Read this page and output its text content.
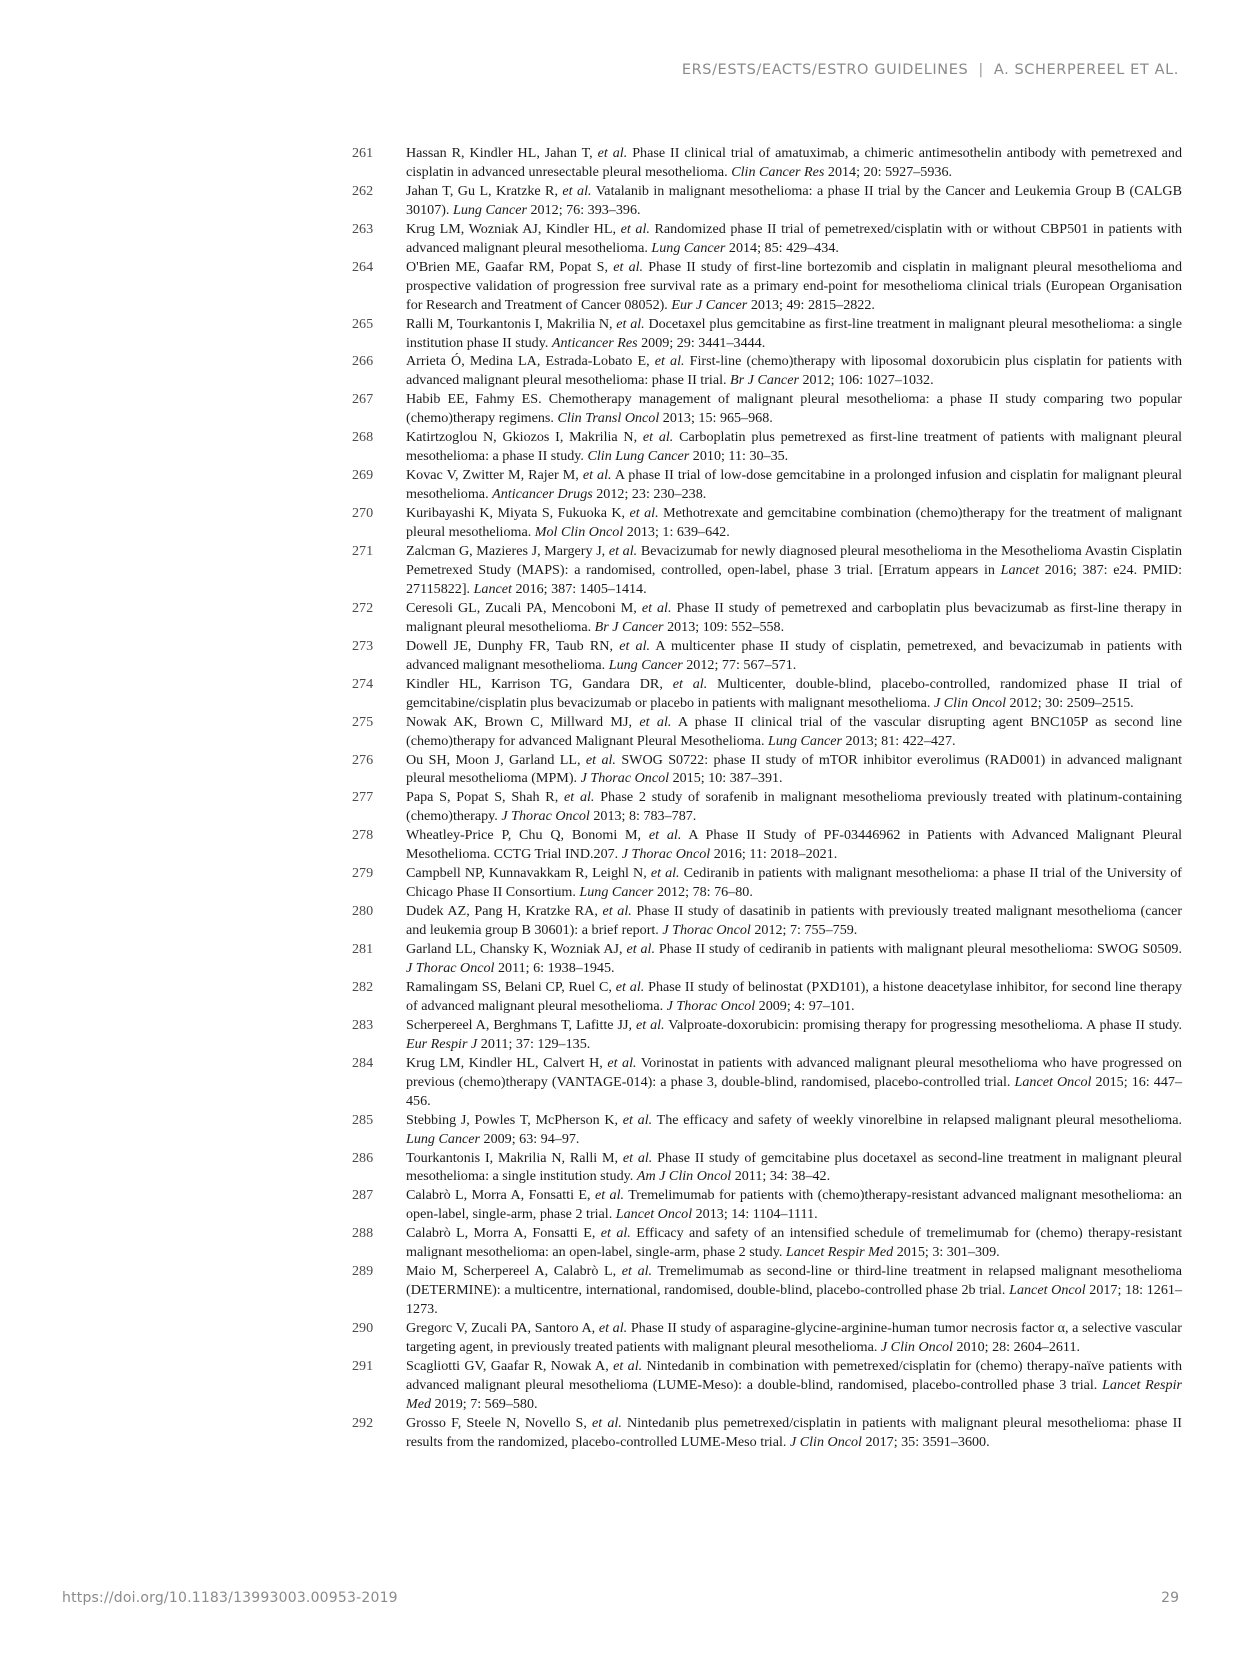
ERS/ESTS/EACTS/ESTRO GUIDELINES | A. SCHERPEREEL ET AL.
261	Hassan R, Kindler HL, Jahan T, et al. Phase II clinical trial of amatuximab, a chimeric antimesothelin antibody with pemetrexed and cisplatin in advanced unresectable pleural mesothelioma. Clin Cancer Res 2014; 20: 5927–5936.
262	Jahan T, Gu L, Kratzke R, et al. Vatalanib in malignant mesothelioma: a phase II trial by the Cancer and Leukemia Group B (CALGB 30107). Lung Cancer 2012; 76: 393–396.
263	Krug LM, Wozniak AJ, Kindler HL, et al. Randomized phase II trial of pemetrexed/cisplatin with or without CBP501 in patients with advanced malignant pleural mesothelioma. Lung Cancer 2014; 85: 429–434.
264	O'Brien ME, Gaafar RM, Popat S, et al. Phase II study of first-line bortezomib and cisplatin in malignant pleural mesothelioma and prospective validation of progression free survival rate as a primary end-point for mesothelioma clinical trials (European Organisation for Research and Treatment of Cancer 08052). Eur J Cancer 2013; 49: 2815–2822.
265	Ralli M, Tourkantonis I, Makrilia N, et al. Docetaxel plus gemcitabine as first-line treatment in malignant pleural mesothelioma: a single institution phase II study. Anticancer Res 2009; 29: 3441–3444.
266	Arrieta Ó, Medina LA, Estrada-Lobato E, et al. First-line (chemo)therapy with liposomal doxorubicin plus cisplatin for patients with advanced malignant pleural mesothelioma: phase II trial. Br J Cancer 2012; 106: 1027–1032.
267	Habib EE, Fahmy ES. Chemotherapy management of malignant pleural mesothelioma: a phase II study comparing two popular (chemo)therapy regimens. Clin Transl Oncol 2013; 15: 965–968.
268	Katirtzoglou N, Gkiozos I, Makrilia N, et al. Carboplatin plus pemetrexed as first-line treatment of patients with malignant pleural mesothelioma: a phase II study. Clin Lung Cancer 2010; 11: 30–35.
269	Kovac V, Zwitter M, Rajer M, et al. A phase II trial of low-dose gemcitabine in a prolonged infusion and cisplatin for malignant pleural mesothelioma. Anticancer Drugs 2012; 23: 230–238.
270	Kuribayashi K, Miyata S, Fukuoka K, et al. Methotrexate and gemcitabine combination (chemo)therapy for the treatment of malignant pleural mesothelioma. Mol Clin Oncol 2013; 1: 639–642.
271	Zalcman G, Mazieres J, Margery J, et al. Bevacizumab for newly diagnosed pleural mesothelioma in the Mesothelioma Avastin Cisplatin Pemetrexed Study (MAPS): a randomised, controlled, open-label, phase 3 trial. [Erratum appears in Lancet 2016; 387: e24. PMID: 27115822]. Lancet 2016; 387: 1405–1414.
272	Ceresoli GL, Zucali PA, Mencoboni M, et al. Phase II study of pemetrexed and carboplatin plus bevacizumab as first-line therapy in malignant pleural mesothelioma. Br J Cancer 2013; 109: 552–558.
273	Dowell JE, Dunphy FR, Taub RN, et al. A multicenter phase II study of cisplatin, pemetrexed, and bevacizumab in patients with advanced malignant mesothelioma. Lung Cancer 2012; 77: 567–571.
274	Kindler HL, Karrison TG, Gandara DR, et al. Multicenter, double-blind, placebo-controlled, randomized phase II trial of gemcitabine/cisplatin plus bevacizumab or placebo in patients with malignant mesothelioma. J Clin Oncol 2012; 30: 2509–2515.
275	Nowak AK, Brown C, Millward MJ, et al. A phase II clinical trial of the vascular disrupting agent BNC105P as second line (chemo)therapy for advanced Malignant Pleural Mesothelioma. Lung Cancer 2013; 81: 422–427.
276	Ou SH, Moon J, Garland LL, et al. SWOG S0722: phase II study of mTOR inhibitor everolimus (RAD001) in advanced malignant pleural mesothelioma (MPM). J Thorac Oncol 2015; 10: 387–391.
277	Papa S, Popat S, Shah R, et al. Phase 2 study of sorafenib in malignant mesothelioma previously treated with platinum-containing (chemo)therapy. J Thorac Oncol 2013; 8: 783–787.
278	Wheatley-Price P, Chu Q, Bonomi M, et al. A Phase II Study of PF-03446962 in Patients with Advanced Malignant Pleural Mesothelioma. CCTG Trial IND.207. J Thorac Oncol 2016; 11: 2018–2021.
279	Campbell NP, Kunnavakkam R, Leighl N, et al. Cediranib in patients with malignant mesothelioma: a phase II trial of the University of Chicago Phase II Consortium. Lung Cancer 2012; 78: 76–80.
280	Dudek AZ, Pang H, Kratzke RA, et al. Phase II study of dasatinib in patients with previously treated malignant mesothelioma (cancer and leukemia group B 30601): a brief report. J Thorac Oncol 2012; 7: 755–759.
281	Garland LL, Chansky K, Wozniak AJ, et al. Phase II study of cediranib in patients with malignant pleural mesothelioma: SWOG S0509. J Thorac Oncol 2011; 6: 1938–1945.
282	Ramalingam SS, Belani CP, Ruel C, et al. Phase II study of belinostat (PXD101), a histone deacetylase inhibitor, for second line therapy of advanced malignant pleural mesothelioma. J Thorac Oncol 2009; 4: 97–101.
283	Scherpereel A, Berghmans T, Lafitte JJ, et al. Valproate-doxorubicin: promising therapy for progressing mesothelioma. A phase II study. Eur Respir J 2011; 37: 129–135.
284	Krug LM, Kindler HL, Calvert H, et al. Vorinostat in patients with advanced malignant pleural mesothelioma who have progressed on previous (chemo)therapy (VANTAGE-014): a phase 3, double-blind, randomised, placebo-controlled trial. Lancet Oncol 2015; 16: 447–456.
285	Stebbing J, Powles T, McPherson K, et al. The efficacy and safety of weekly vinorelbine in relapsed malignant pleural mesothelioma. Lung Cancer 2009; 63: 94–97.
286	Tourkantonis I, Makrilia N, Ralli M, et al. Phase II study of gemcitabine plus docetaxel as second-line treatment in malignant pleural mesothelioma: a single institution study. Am J Clin Oncol 2011; 34: 38–42.
287	Calabrò L, Morra A, Fonsatti E, et al. Tremelimumab for patients with (chemo)therapy-resistant advanced malignant mesothelioma: an open-label, single-arm, phase 2 trial. Lancet Oncol 2013; 14: 1104–1111.
288	Calabrò L, Morra A, Fonsatti E, et al. Efficacy and safety of an intensified schedule of tremelimumab for (chemo) therapy-resistant malignant mesothelioma: an open-label, single-arm, phase 2 study. Lancet Respir Med 2015; 3: 301–309.
289	Maio M, Scherpereel A, Calabrò L, et al. Tremelimumab as second-line or third-line treatment in relapsed malignant mesothelioma (DETERMINE): a multicentre, international, randomised, double-blind, placebo-controlled phase 2b trial. Lancet Oncol 2017; 18: 1261–1273.
290	Gregorc V, Zucali PA, Santoro A, et al. Phase II study of asparagine-glycine-arginine-human tumor necrosis factor α, a selective vascular targeting agent, in previously treated patients with malignant pleural mesothelioma. J Clin Oncol 2010; 28: 2604–2611.
291	Scagliotti GV, Gaafar R, Nowak A, et al. Nintedanib in combination with pemetrexed/cisplatin for (chemo) therapy-naïve patients with advanced malignant pleural mesothelioma (LUME-Meso): a double-blind, randomised, placebo-controlled phase 3 trial. Lancet Respir Med 2019; 7: 569–580.
292	Grosso F, Steele N, Novello S, et al. Nintedanib plus pemetrexed/cisplatin in patients with malignant pleural mesothelioma: phase II results from the randomized, placebo-controlled LUME-Meso trial. J Clin Oncol 2017; 35: 3591–3600.
https://doi.org/10.1183/13993003.00953-2019	29
